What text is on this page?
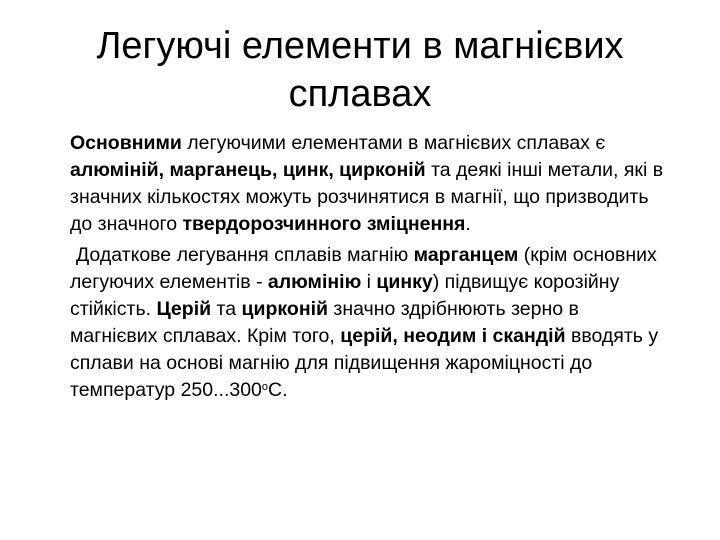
Легуючі елементи в магнієвих сплавах

Основними легуючими елементами в магнієвих сплавах є алюміній, марганець, цинк, цирконій та деякі інші метали, які в значних кількостях можуть розчинятися в магнії, що призводить до значного твердорозчинного зміцнення.

Додаткове легування сплавів магнію марганцем (крім основних легуючих елементів - алюмінію і цинку) підвищує корозійну стійкість. Церій та цирконій значно здрібнюють зерно в магнієвих сплавах. Крім того, церій, неодим і скандій вводять у сплави на основі магнію для підвищення жароміцності до температур $250...300^оС$.
